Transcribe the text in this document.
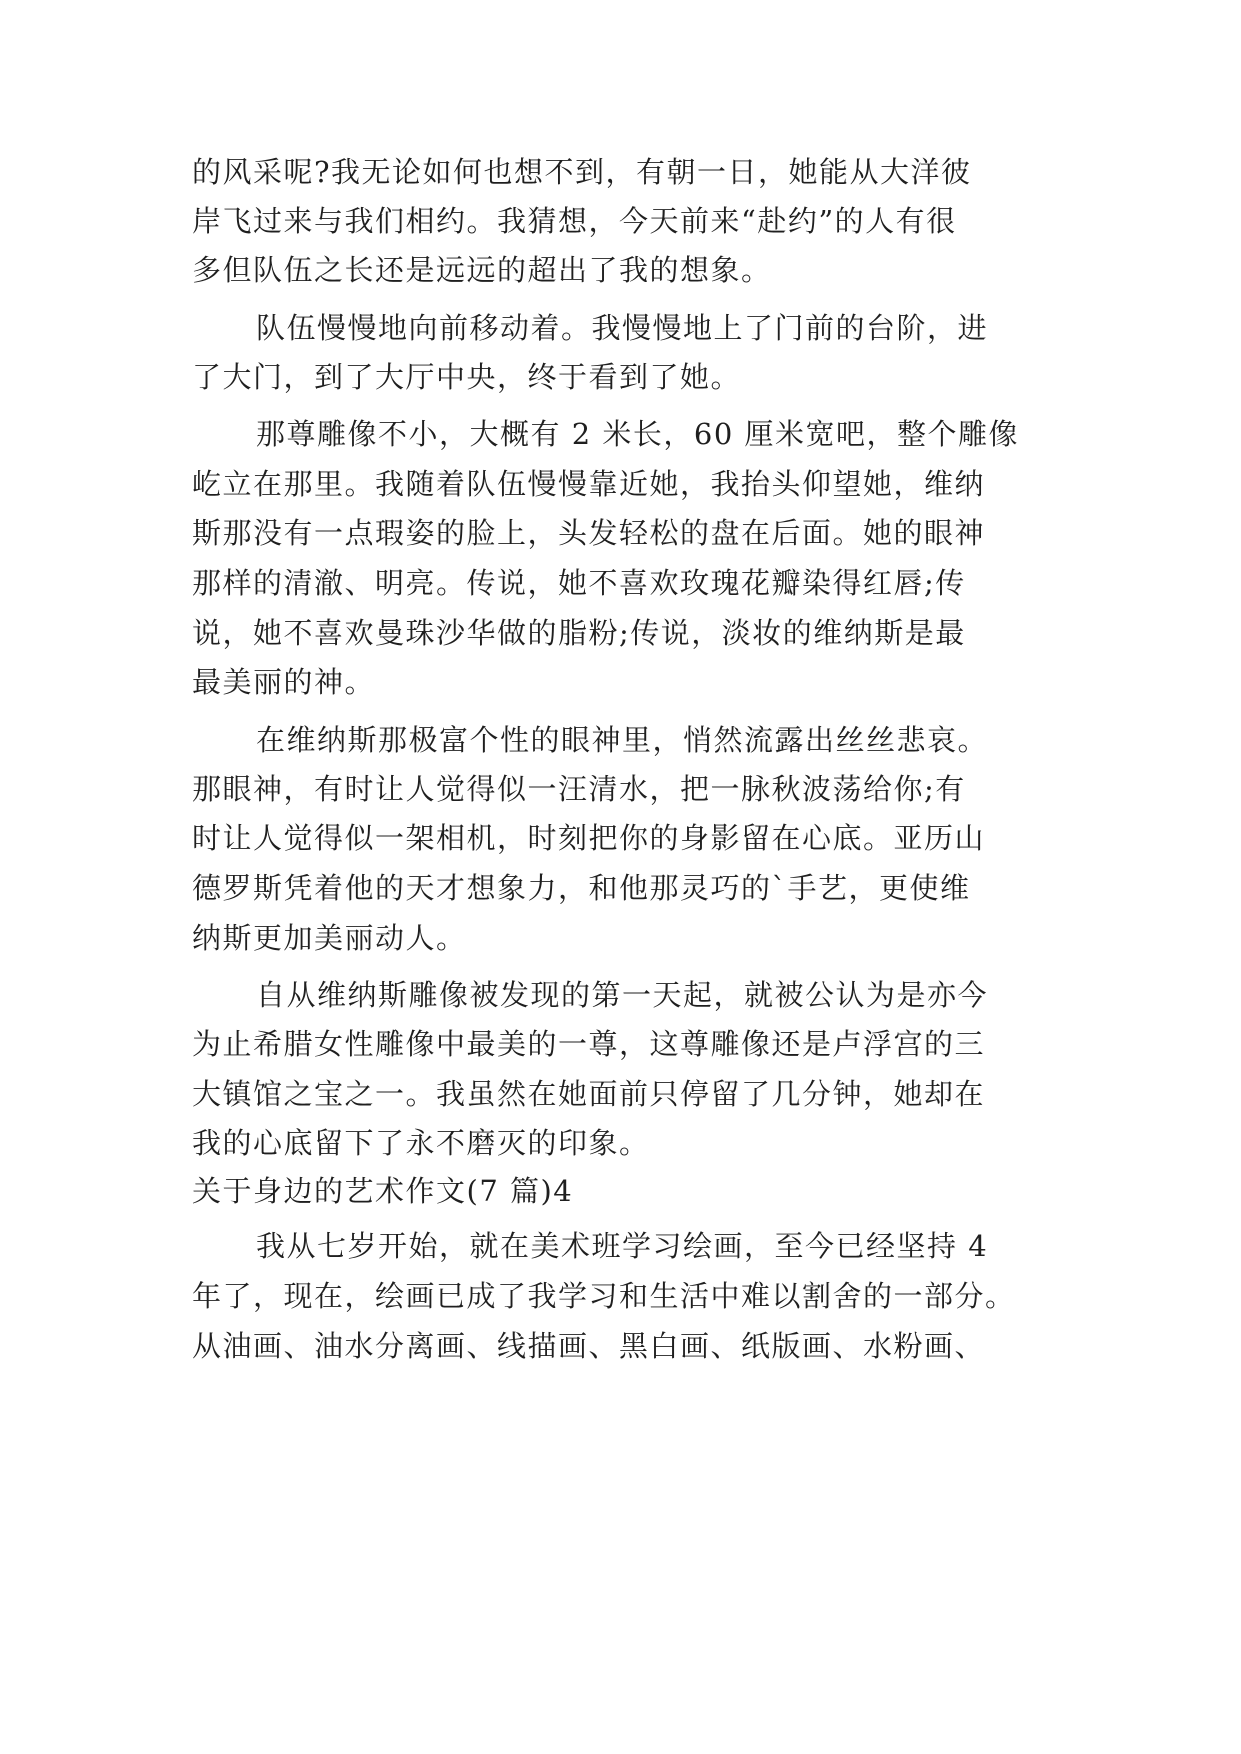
的风采呢?我无论如何也想不到，有朝一日，她能从大洋彼
岸飞过来与我们相约。我猜想，今天前来“赴约”的人有很
多但队伍之长还是远远的超出了我的想象。
队伍慢慢地向前移动着。我慢慢地上了门前的台阶，进
了大门，到了大厅中央，终于看到了她。
那尊雕像不小，大概有 2 米长，60 厘米宽吧，整个雕像
屹立在那里。我随着队伍慢慢靠近她，我抬头仰望她，维纳
斯那没有一点瑕姿的脸上，头发轻松的盘在后面。她的眼神
那样的清澈、明亮。传说，她不喜欢玫瑰花瓣染得红唇;传
说，她不喜欢曼珠沙华做的脂粉;传说，淡妆的维纳斯是最
最美丽的神。
在维纳斯那极富个性的眼神里，悄然流露出丝丝悲哀。
那眼神，有时让人觉得似一汪清水，把一脉秋波荡给你;有
时让人觉得似一架相机，时刻把你的身影留在心底。亚历山
德罗斯凭着他的天才想象力，和他那灵巧的`手艺，更使维
纳斯更加美丽动人。
自从维纳斯雕像被发现的第一天起，就被公认为是亦今
为止希腊女性雕像中最美的一尊，这尊雕像还是卢浮宫的三
大镇馆之宝之一。我虽然在她面前只停留了几分钟，她却在
我的心底留下了永不磨灭的印象。
关于身边的艺术作文(7 篇)4
我从七岁开始，就在美术班学习绘画，至今已经坚持 4
年了，现在，绘画已成了我学习和生活中难以割舍的一部分。
从油画、油水分离画、线描画、黑白画、纸版画、水粉画、
